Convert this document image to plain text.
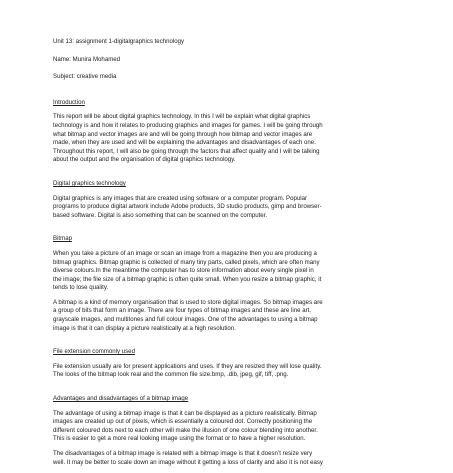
Unit 13: assignment 1-digitalgraphics technology
Name: Munira Mohamed
Subject: creative media
Introduction
This report will be about digital graphics technology. In this I will be explain what digital graphics
technology is and how it relates to producing graphics and images for games. I will be going through
what bitmap and vector images are and will be going through how bitmap and vector images are
made, when they are used and will be explaining the advantages and disadvantages of each one.
Throughout this report, I will also be going through the factors that affect quality and I will be talking
about the output and the organisation of digital graphics technology.
Digital graphics technology
Digital graphics is any images that are created using software or a computer program. Popular
programs to produce digital artwork include Adobe products, 3D studio products, gimp and browser-
based software. Digital is also something that can be scanned on the computer.
Bitmap
When you take a picture of an image or scan an image from a magazine then you are producing a
bitmap graphics. Bitmap graphic is collected of many tiny parts, called pixels, which are often many
diverse colours.In the meantime the computer has to store information about every single pixel in
the image; the file size of a bitmap graphic is often quite small. When you resize a bitmap graphic, it
tends to lose quality.
A bitmap is a kind of memory organisation that is used to store digital images. So bitmap images are
a group of bits that form an image. There are four types of bitmap images and these are line art,
grayscale images, and multitones and full colour images. One of the advantages to using a bitmap
image is that it can display a picture realistically at a high resolution.
File extension commonly used
File extension usually are for present applications and uses. If they are resized they will lose quality.
The looks of the bitmap look real and the common file size.bmp, .dib, jpeg, gif, tiff, .png.
Advantages and disadvantages of a bitmap image
The advantage of using a bitmap image is that it can be displayed as a picture realistically. Bitmap
images are created up out of pixels, which is essentially a coloured dot. Correctly positioning the
different coloured dots next to each other will make the illusion of one colour blending into another.
This is easier to get a more real looking image using the format or to have a higher resolution.
The disadvantages of a bitmap image is related with a bitmap image is that it doesn’t resize very
well. It may be better to scale down an image without it getting a loss of clarity and also it is not easy
